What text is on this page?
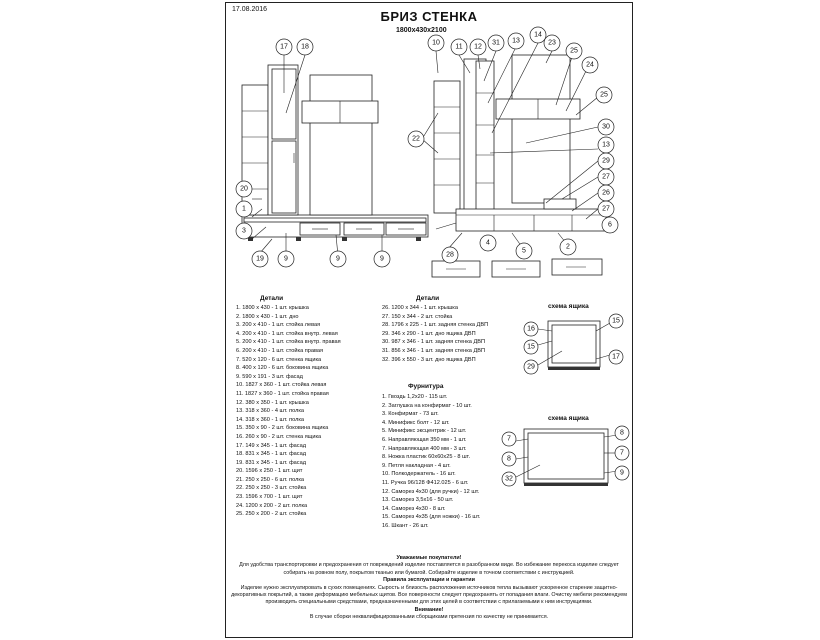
17.08.2016	БРИЗ СТЕНКА
1800x430x2100
17 18
20
1
3
19	9	9	9
10
11 12
31 13
14
23
25
24
25
22
30
13
29
27
26
27
6
28
4
5
2
Детали
1. 1800 x 430 - 1 шт. крышка
2. 1800 x 430 - 1 шт. дно
3. 200 x 410 - 1 шт. стойка левая
4. 200 x 410 - 1 шт. стойка внутр. левая
5. 200 x 410 - 1 шт. стойка внутр. правая
6. 200 x 410 - 1 шт. стойка правая
7. 520 x 120 - 6 шт. стенка ящика
8. 400 x 120 - 6 шт. боковина ящика
9. 590 x 191 - 3 шт. фасад
10. 1827 x 360 - 1 шт. стойка левая
11. 1827 x 360 - 1 шт. стойка правая
12. 380 x 350 - 1 шт. крышка
13. 318 x 360 - 4 шт. полка
14. 318 x 360 - 1 шт. полка
15. 350 x 90 - 2 шт. боковина ящика
16. 260 x 90 - 2 шт. стенка ящика
17. 149 x 345 - 1 шт. фасад
18. 831 x 345 - 1 шт. фасад
19. 831 x 345 - 1 шт. фасад
20. 1596 x 250 - 1 шт. щит
21. 250 x 250 - 6 шт. полка
22. 250 x 250 - 3 шт. стойка
23. 1596 x 700 - 1 шт. щит
24. 1200 x 200 - 2 шт. полка
25. 250 x 200 - 2 шт. стойка
Детали
26. 1200 x 344 - 1 шт. крышка
27. 150 x 344 - 2 шт. стойка
28. 1796 x 225 - 1 шт. задняя стенка ДВП
29. 346 x 290 - 1 шт. дно ящика ДВП
30. 987 x 346 - 1 шт. задняя стенка ДВП
31. 856 x 346 - 1 шт. задняя стенка ДВП
32. 396 x 550 - 3 шт. дно ящика ДВП
Фурнитура
1. Гвоздь 1,2x20 - 115 шт.
2. Заглушка на конфирмат - 10 шт.
3. Конфирмат - 73 шт.
4. Минификс болт - 12 шт.
5. Минификс эксцентрик - 12 шт.
6. Направляющая 350 мм - 1 шт.
7. Направляющая 400 мм - 3 шт.
8. Ножка пластик 60x60x25 - 8 шт.
9. Петля накладная - 4 шт.
10. Полкодержатель - 16 шт.
11. Ручка 96/128 Ф412.025 - 6 шт.
12. Саморез 4x30 (для ручки) - 12 шт.
13. Саморез 3,5x16 - 50 шт.
14. Саморез 4x30 - 8 шт.
15. Саморез 4x35 (для ножки) - 16 шт.
16. Шкант - 26 шт.
схема ящика
16
15
15
29
17
схема ящика
7
8
8
7
32
9
Уважаемые покупатели!
Для удобства транспортировки и предохранения от повреждений изделие поставляется в разобранном виде. Во избежание перекоса изделие следует собирать на ровном полу, покрытом тканью или бумагой. Собирайте изделие в точном соответствии с инструкцией.
Правила эксплуатации и гарантии
Изделие нужно эксплуатировать в сухих помещениях. Сырость и близость расположения источников тепла вызывают ускоренное старение защитно-декоративных покрытий, а также деформацию мебельных щитов. Все поверхности следует предохранять от попадания влаги. Очистку мебели рекомендуем производить специальными средствами, предназначенными для этих целей в соответствии с прилагаемыми к ним инструкциями.
Внимание!
В случае сборки неквалифицированными сборщиками претензия по качеству не принимается.
